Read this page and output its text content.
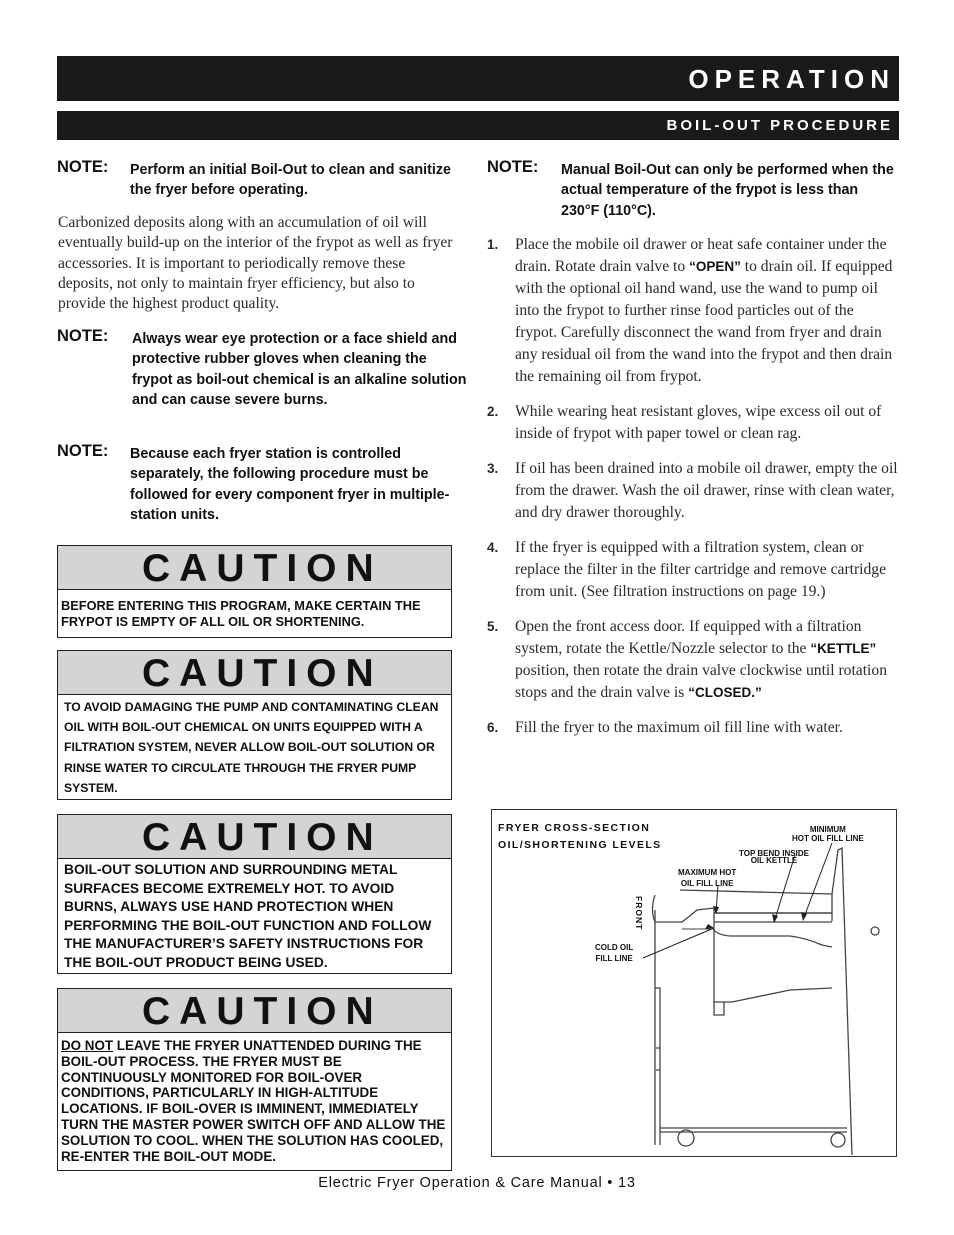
OPERATION
BOIL-OUT PROCEDURE
NOTE: Perform an initial Boil-Out to clean and sanitize the fryer before operating.
Carbonized deposits along with an accumulation of oil will eventually build-up on the interior of the frypot as well as fryer accessories. It is important to periodically remove these deposits, not only to maintain fryer efficiency, but also to provide the highest product quality.
NOTE: Always wear eye protection or a face shield and protective rubber gloves when cleaning the frypot as boil-out chemical is an alkaline solution and can cause severe burns.
NOTE: Because each fryer station is controlled separately, the following procedure must be followed for every component fryer in multiple-station units.
CAUTION
BEFORE ENTERING THIS PROGRAM, MAKE CERTAIN THE FRYPOT IS EMPTY OF ALL OIL OR SHORTENING.
CAUTION
TO AVOID DAMAGING THE PUMP AND CONTAMINATING CLEAN OIL WITH BOIL-OUT CHEMICAL ON UNITS EQUIPPED WITH A FILTRATION SYSTEM, NEVER ALLOW BOIL-OUT SOLUTION OR RINSE WATER TO CIRCULATE THROUGH THE FRYER PUMP SYSTEM.
CAUTION
BOIL-OUT SOLUTION AND SURROUNDING METAL SURFACES BECOME EXTREMELY HOT. TO AVOID BURNS, ALWAYS USE HAND PROTECTION WHEN PERFORMING THE BOIL-OUT FUNCTION AND FOLLOW THE MANUFACTURER’S SAFETY INSTRUCTIONS FOR THE BOIL-OUT PRODUCT BEING USED.
CAUTION
DO NOT LEAVE THE FRYER UNATTENDED DURING THE BOIL-OUT PROCESS. THE FRYER MUST BE CONTINUOUSLY MONITORED FOR BOIL-OVER CONDITIONS, PARTICULARLY IN HIGH-ALTITUDE LOCATIONS. IF BOIL-OVER IS IMMINENT, IMMEDIATELY TURN THE MASTER POWER SWITCH OFF AND ALLOW THE SOLUTION TO COOL. WHEN THE SOLUTION HAS COOLED, RE-ENTER THE BOIL-OUT MODE.
NOTE: Manual Boil-Out can only be performed when the actual temperature of the frypot is less than 230°F (110°C).
1. Place the mobile oil drawer or heat safe container under the drain. Rotate drain valve to “OPEN” to drain oil. If equipped with the optional oil hand wand, use the wand to pump oil into the frypot to further rinse food particles out of the frypot. Carefully disconnect the wand from fryer and drain any residual oil from the wand into the frypot and then drain the remaining oil from frypot.
2. While wearing heat resistant gloves, wipe excess oil out of inside of frypot with paper towel or clean rag.
3. If oil has been drained into a mobile oil drawer, empty the oil from the drawer. Wash the oil drawer, rinse with clean water, and dry drawer thoroughly.
4. If the fryer is equipped with a filtration system, clean or replace the filter in the filter cartridge and remove cartridge from unit. (See filtration instructions on page 19.)
5. Open the front access door. If equipped with a filtration system, rotate the Kettle/Nozzle selector to the “KETTLE” position, then rotate the drain valve clockwise until rotation stops and the drain valve is “CLOSED.”
6. Fill the fryer to the maximum oil fill line with water.
FRYER CROSS-SECTION
OIL/SHORTENING LEVELS
MINIMUM
HOT OIL FILL LINE
TOP BEND INSIDE
OIL KETTLE
MAXIMUM HOT
OIL FILL LINE
COLD OIL
FILL LINE
FRONT
Electric Fryer Operation & Care Manual • 13
